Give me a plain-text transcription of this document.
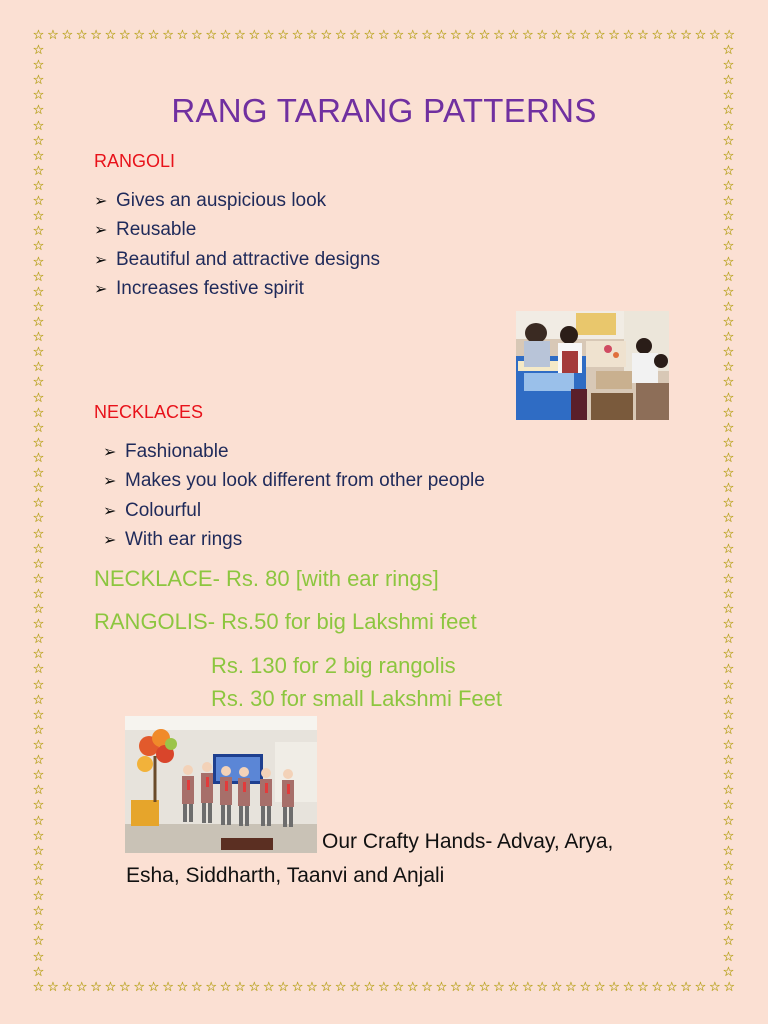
☆ ☆ ☆ ☆ ☆ ☆ ☆ ☆ ☆ ☆ ☆ ☆ ☆ ☆ ☆ ☆ ☆ ☆ ☆ ☆ ☆ ☆ ☆ ☆ ☆ ☆ ☆ ☆ ☆ ☆ ☆ ☆ ☆ ☆ ☆ ☆ ☆ ☆ ☆ ☆ ☆ ☆ ☆ ☆ ☆ ☆ ☆ ☆ ☆
☆ ☆ ☆ ☆ ☆ ☆ ☆ ☆ ☆ ☆ ☆ ☆ ☆ ☆ ☆ ☆ ☆ ☆ ☆ ☆ ☆ ☆ ☆ ☆ ☆ ☆ ☆ ☆ ☆ ☆ ☆ ☆ ☆ ☆ ☆ ☆ ☆ ☆ ☆ ☆ ☆ ☆ ☆ ☆ ☆ ☆ ☆ ☆ ☆
☆
☆
☆
☆
☆
☆
☆
☆
☆
☆
☆
☆
☆
☆
☆
☆
☆
☆
☆
☆
☆
☆
☆
☆
☆
☆
☆
☆
☆
☆
☆
☆
☆
☆
☆
☆
☆
☆
☆
☆
☆
☆
☆
☆
☆
☆
☆
☆
☆
☆
☆
☆
☆
☆
☆
☆
☆
☆
☆
☆
☆
☆
☆
☆
☆
☆
☆
☆
☆
☆
☆
☆
☆
☆
☆
☆
☆
☆
☆
☆
☆
☆
☆
☆
☆
☆
☆
☆
☆
☆
☆
☆
☆
☆
☆
☆
☆
☆
☆
☆
☆
☆
☆
☆
☆
☆
☆
☆
☆
☆
☆
☆
☆
☆
☆
☆
☆
☆
☆
☆
☆
☆
☆
☆
RANG TARANG PATTERNS
RANGOLI
➢ Gives an auspicious look
➢ Reusable
➢ Beautiful and attractive designs
➢ Increases festive spirit
NECKLACES
➢ Fashionable
➢ Makes you look different from other people
➢ Colourful
➢ With ear rings
NECKLACE- Rs. 80 [with ear rings]
RANGOLIS- Rs.50 for big Lakshmi feet
Rs. 130 for 2 big rangolis
Rs. 30 for small Lakshmi Feet
Our Crafty Hands- Advay, Arya,
Esha, Siddharth, Taanvi and Anjali
